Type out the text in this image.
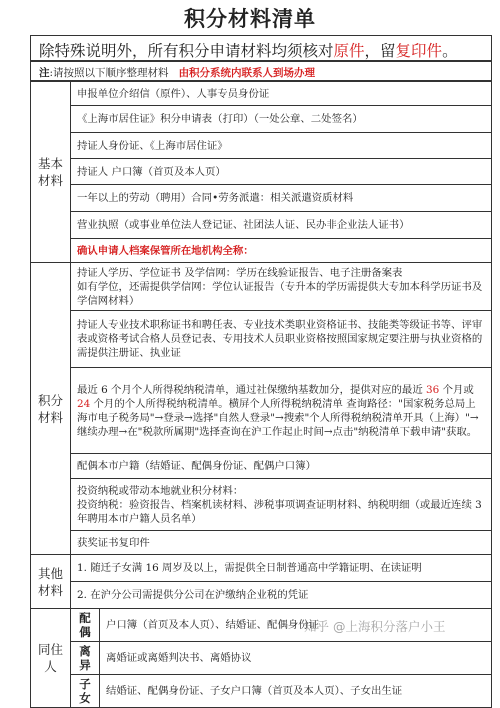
积分材料清单
除特殊说明外，所有积分申请材料均须核对原件，留复印件。
注:请按照以下顺序整理材料 由积分系统内联系人到场办理
基本
材料	申报单位介绍信（原件）、人事专员身份证	
	《上海市居住证》积分申请表（打印）（一处公章、二处签名）	
	持证人身份证、《上海市居住证》	
	持证人 户口簿（首页及本人页）	
	一年以上的劳动（聘用）合同•劳务派遣：相关派遣资质材料	
	营业执照（或事业单位法人登记证、社团法人证、民办非企业法人证书）	
	确认申请人档案保管所在地机构全称：	
积分
材料	持证人学历、学位证书 及学信网：学历在线验证报告、电子注册备案表
如有学位，还需提供学信网：学位认证报告（专升本的学历需提供大专加本科学历证书及学信网材料）	
	持证人专业技术职称证书和聘任表、专业技术类职业资格证书、技能类等级证书等、评审表或资格考试合格人员登记表、专用技术人员职业资格按照国家规定要注册与执业资格的需提供注册证、执业证	
	最近 6 个月个人所得税纳税清单，通过社保缴纳基数加分，提供对应的最近 36 个月或 24 个月的个人所得税纳税清单。横屏个人所得税纳税清单 查询路径："国家税务总局上海市电子税务局"→登录→选择"自然人登录"→搜索"个人所得税纳税清单开具（上海）"→继续办理→在"税款所属期"选择查询在沪工作起止时间→点击"纳税清单下载申请"获取。	
	配偶本市户籍（结婚证、配偶身份证、配偶户口簿）	
	投资纳税或带动本地就业积分材料：
投资纳税：验资报告、档案机读材料、涉税事项调查证明材料、纳税明细（或最近连续 3 年聘用本市户籍人员名单）	
	获奖证书复印件	
其他
材料	1. 随迁子女满 16 周岁及以上，需提供全日制普通高中学籍证明、在读证明	
	2. 在沪分公司需提供分公司在沪缴纳企业税的凭证	
同住人	配偶	户口簿（首页及本人页）、结婚证、配偶身份证
	离异	离婚证或离婚判决书、离婚协议
	子女	结婚证、配偶身份证、子女户口簿（首页及本人页）、子女出生证
知乎 @上海积分落户小王
